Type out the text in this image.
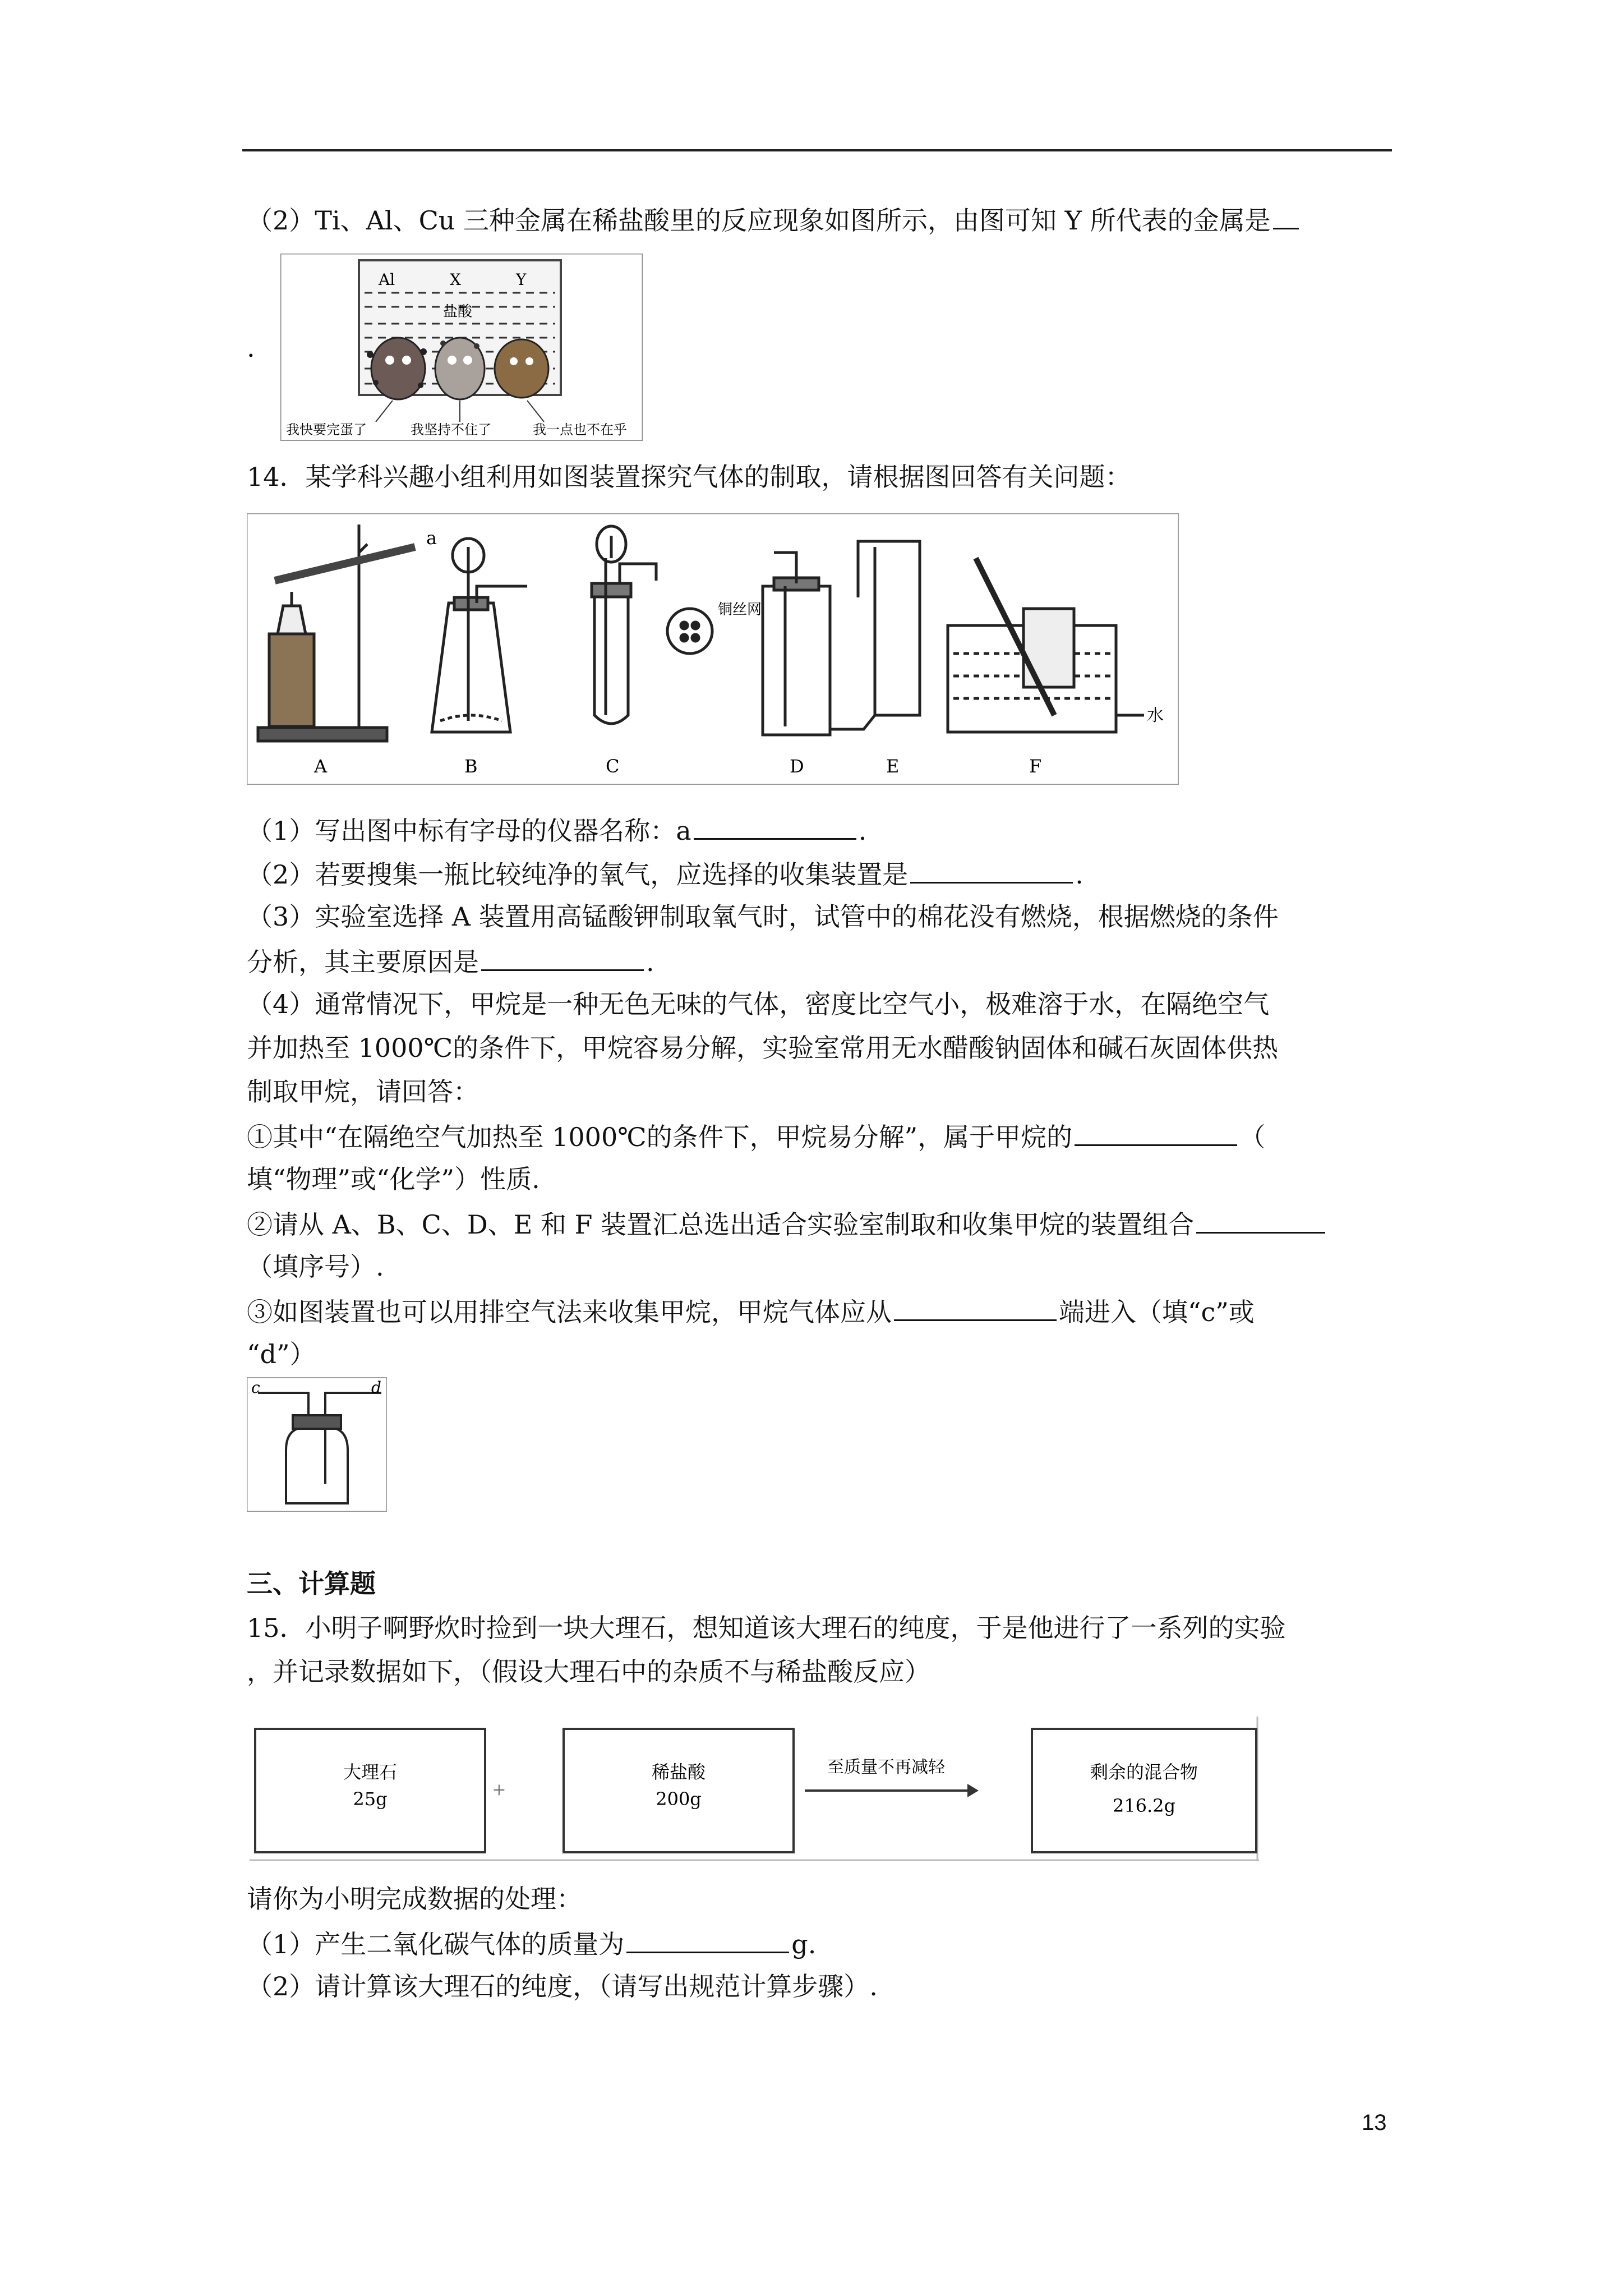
（2）Ti、Al、Cu 三种金属在稀盐酸里的反应现象如图所示，由图可知 Y 所代表的金属是
Al	X	Y
盐酸
我快要完蛋了	我坚持不住了	我一点也不在乎
.
14．某学科兴趣小组利用如图装置探究气体的制取，请根据图回答有关问题：
a
铜丝网
水
A	B	C	D	E	F
（1）写出图中标有字母的仪器名称：a	.
（2）若要搜集一瓶比较纯净的氧气，应选择的收集装置是	.
（3）实验室选择 A 装置用高锰酸钾制取氧气时，试管中的棉花没有燃烧，根据燃烧的条件
分析，其主要原因是	.
（4）通常情况下，甲烷是一种无色无味的气体，密度比空气小，极难溶于水，在隔绝空气
并加热至 1000℃的条件下，甲烷容易分解，实验室常用无水醋酸钠固体和碱石灰固体供热
制取甲烷，请回答：
①其中“在隔绝空气加热至 1000℃的条件下，甲烷易分解”，属于甲烷的	（
填“物理”或“化学”）性质.
②请从 A、B、C、D、E 和 F 装置汇总选出适合实验室制取和收集甲烷的装置组合
（填序号）.
③如图装置也可以用排空气法来收集甲烷，甲烷气体应从	端进入（填“c”或
“d”）
c	d
三、计算题
15．小明子啊野炊时捡到一块大理石，想知道该大理石的纯度，于是他进行了一系列的实验
，并记录数据如下，（假设大理石中的杂质不与稀盐酸反应）
大理石
25g	+
稀盐酸
200g
至质量不再减轻	剩余的混合物
216.2g
请你为小明完成数据的处理：
（1）产生二氧化碳气体的质量为	g.
（2）请计算该大理石的纯度，（请写出规范计算步骤）.
13
